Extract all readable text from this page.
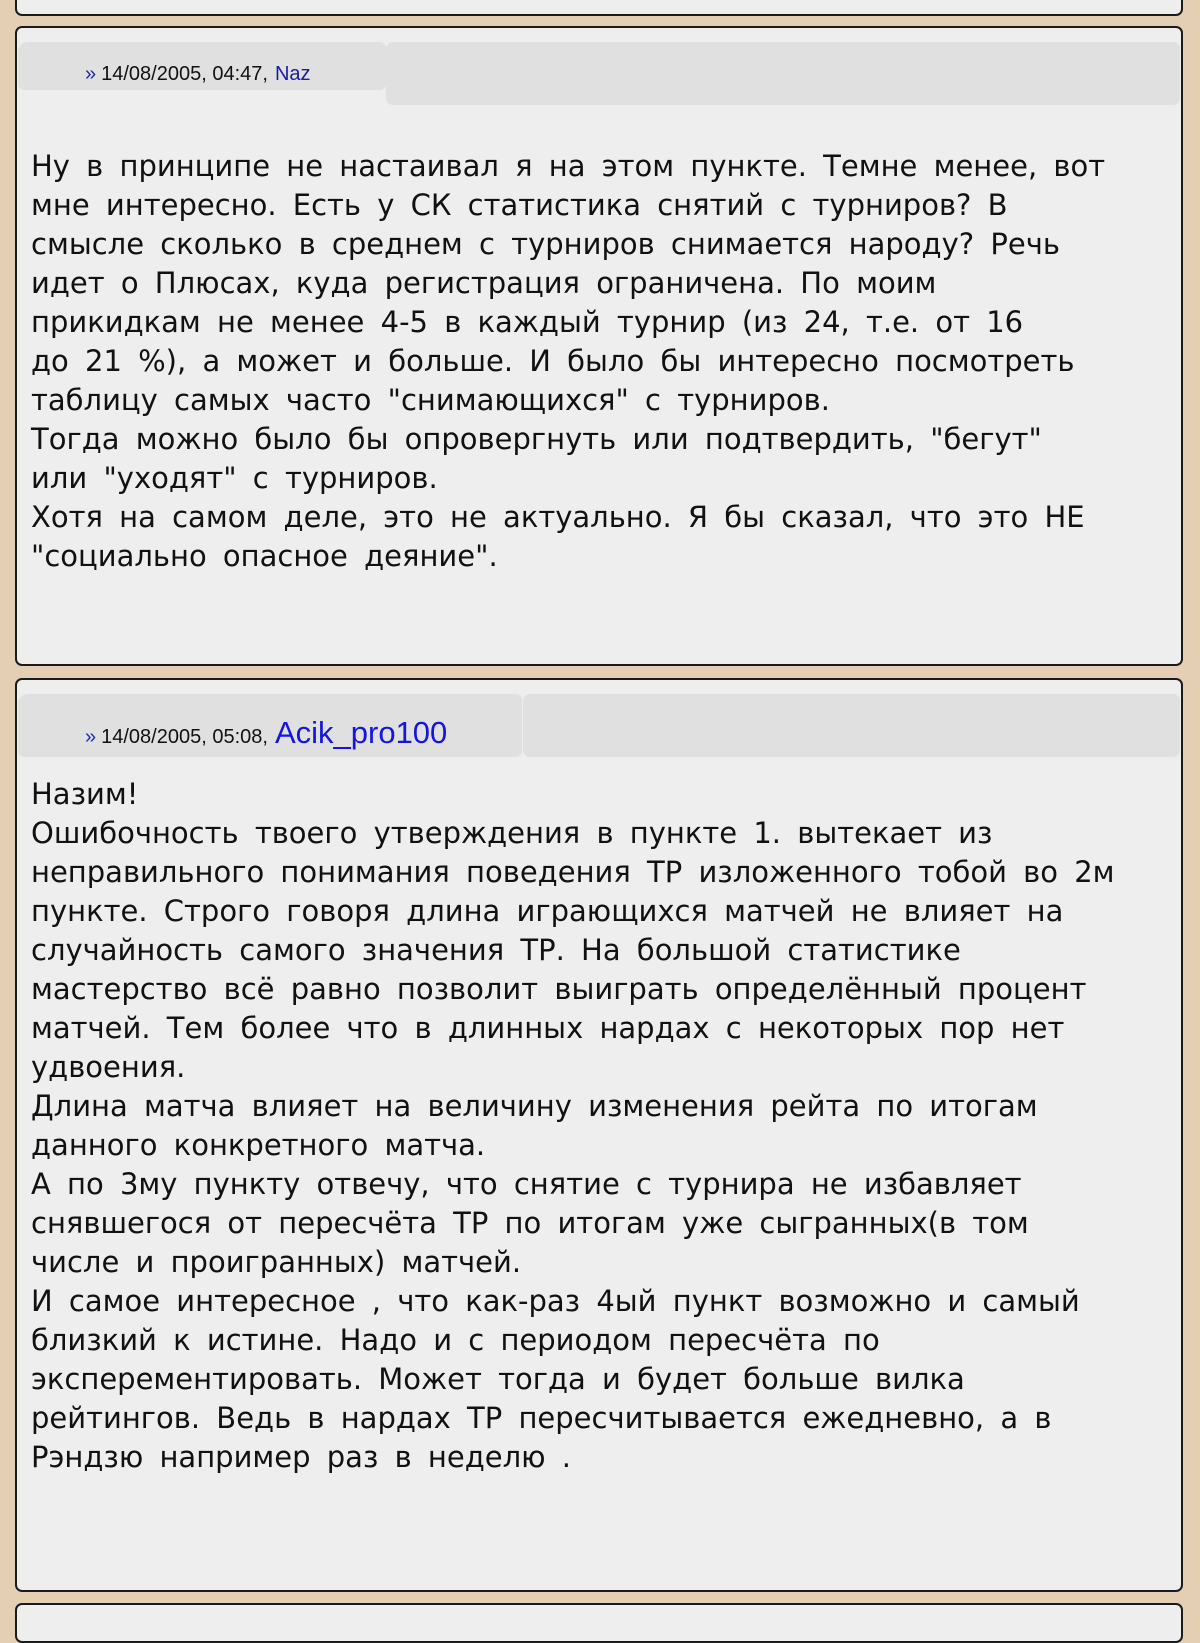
» 14/08/2005, 04:47, Naz
Ну в принципе не настаивал я на этом пункте. Темне менее, вот
мне интересно. Есть у СК статистика снятий с турниров? В
смысле сколько в среднем с турниров снимается народу? Речь
идет о Плюсах, куда регистрация ограничена. По моим
прикидкам не менее 4-5 в каждый турнир (из 24, т.е. от 16
до 21 %), а может и больше. И было бы интересно посмотреть
таблицу самых часто "снимающихся" с турниров.
Тогда можно было бы опровергнуть или подтвердить, "бегут"
или "уходят" с турниров.
Хотя на самом деле, это не актуально. Я бы сказал, что это НЕ
"социально опасное деяние".
» 14/08/2005, 05:08, Acik_pro100
Назим!
Ошибочность твоего утверждения в пункте 1. вытекает из
неправильного понимания поведения ТР изложенного тобой во 2м
пункте. Строго говоря длина играющихся матчей не влияет на
случайность самого значения ТР. На большой статистике
мастерство всё равно позволит выиграть определённый процент
матчей. Тем более что в длинных нардах с некоторых пор нет
удвоения.
Длина матча влияет на величину изменения рейта по итогам
данного конкретного матча.
А по 3му пункту отвечу, что снятие с турнира не избавляет
снявшегося от пересчёта ТР по итогам уже сыгранных(в том
числе и проигранных) матчей.
И самое интересное , что как-раз 4ый пункт возможно и самый
близкий к истине. Надо и с периодом пересчёта по
эксперементировать. Может тогда и будет больше вилка
рейтингов. Ведь в нардах ТР пересчитывается ежедневно, а в
Рэндзю например раз в неделю .
